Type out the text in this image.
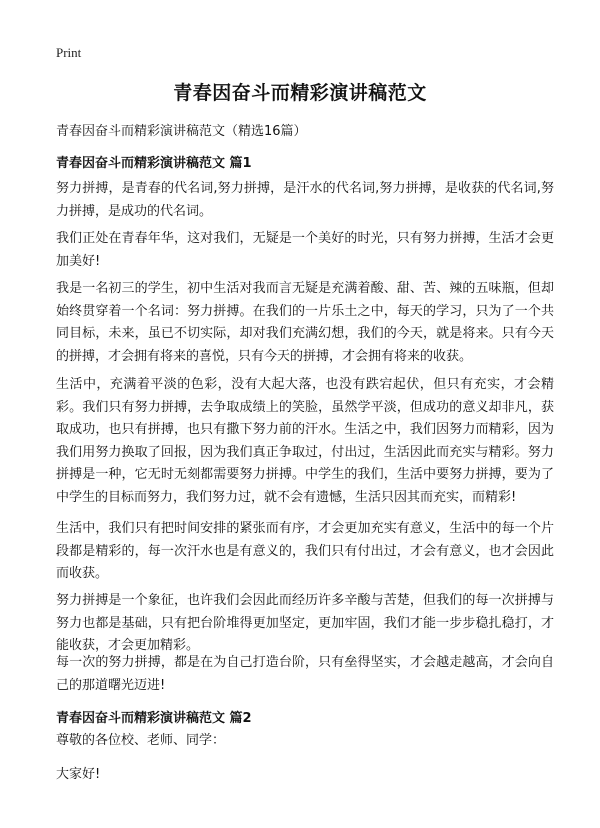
Print
青春因奋斗而精彩演讲稿范文
青春因奋斗而精彩演讲稿范文（精选16篇）
青春因奋斗而精彩演讲稿范文 篇1
努力拼搏，是青春的代名词,努力拼搏，是汗水的代名词,努力拼搏，是收获的代名词,努力拼搏，是成功的代名词。
我们正处在青春年华，这对我们，无疑是一个美好的时光，只有努力拼搏，生活才会更加美好!
我是一名初三的学生，初中生活对我而言无疑是充满着酸、甜、苦、辣的五味瓶，但却始终贯穿着一个名词：努力拼搏。在我们的一片乐土之中，每天的学习，只为了一个共同目标，未来，虽已不切实际，却对我们充满幻想，我们的今天，就是将来。只有今天的拼搏，才会拥有将来的喜悦，只有今天的拼搏，才会拥有将来的收获。
生活中，充满着平淡的色彩，没有大起大落，也没有跌宕起伏，但只有充实，才会精彩。我们只有努力拼搏，去争取成绩上的笑脸，虽然学平淡，但成功的意义却非凡，获取成功，也只有拼搏，也只有撒下努力前的汗水。生活之中，我们因努力而精彩，因为我们用努力换取了回报，因为我们真正争取过，付出过，生活因此而充实与精彩。努力拼搏是一种，它无时无刻都需要努力拼搏。中学生的我们，生活中要努力拼搏，要为了中学生的目标而努力，我们努力过，就不会有遗憾，生活只因其而充实，而精彩!
生活中，我们只有把时间安排的紧张而有序，才会更加充实有意义，生活中的每一个片段都是精彩的，每一次汗水也是有意义的，我们只有付出过，才会有意义，也才会因此而收获。
努力拼搏是一个象征，也许我们会因此而经历许多辛酸与苦楚，但我们的每一次拼搏与努力也都是基础，只有把台阶堆得更加坚定，更加牢固，我们才能一步步稳扎稳打，才能收获，才会更加精彩。
每一次的努力拼搏，都是在为自己打造台阶，只有垒得坚实，才会越走越高，才会向自己的那道曙光迈进!
青春因奋斗而精彩演讲稿范文 篇2
尊敬的各位校、老师、同学：
大家好!
